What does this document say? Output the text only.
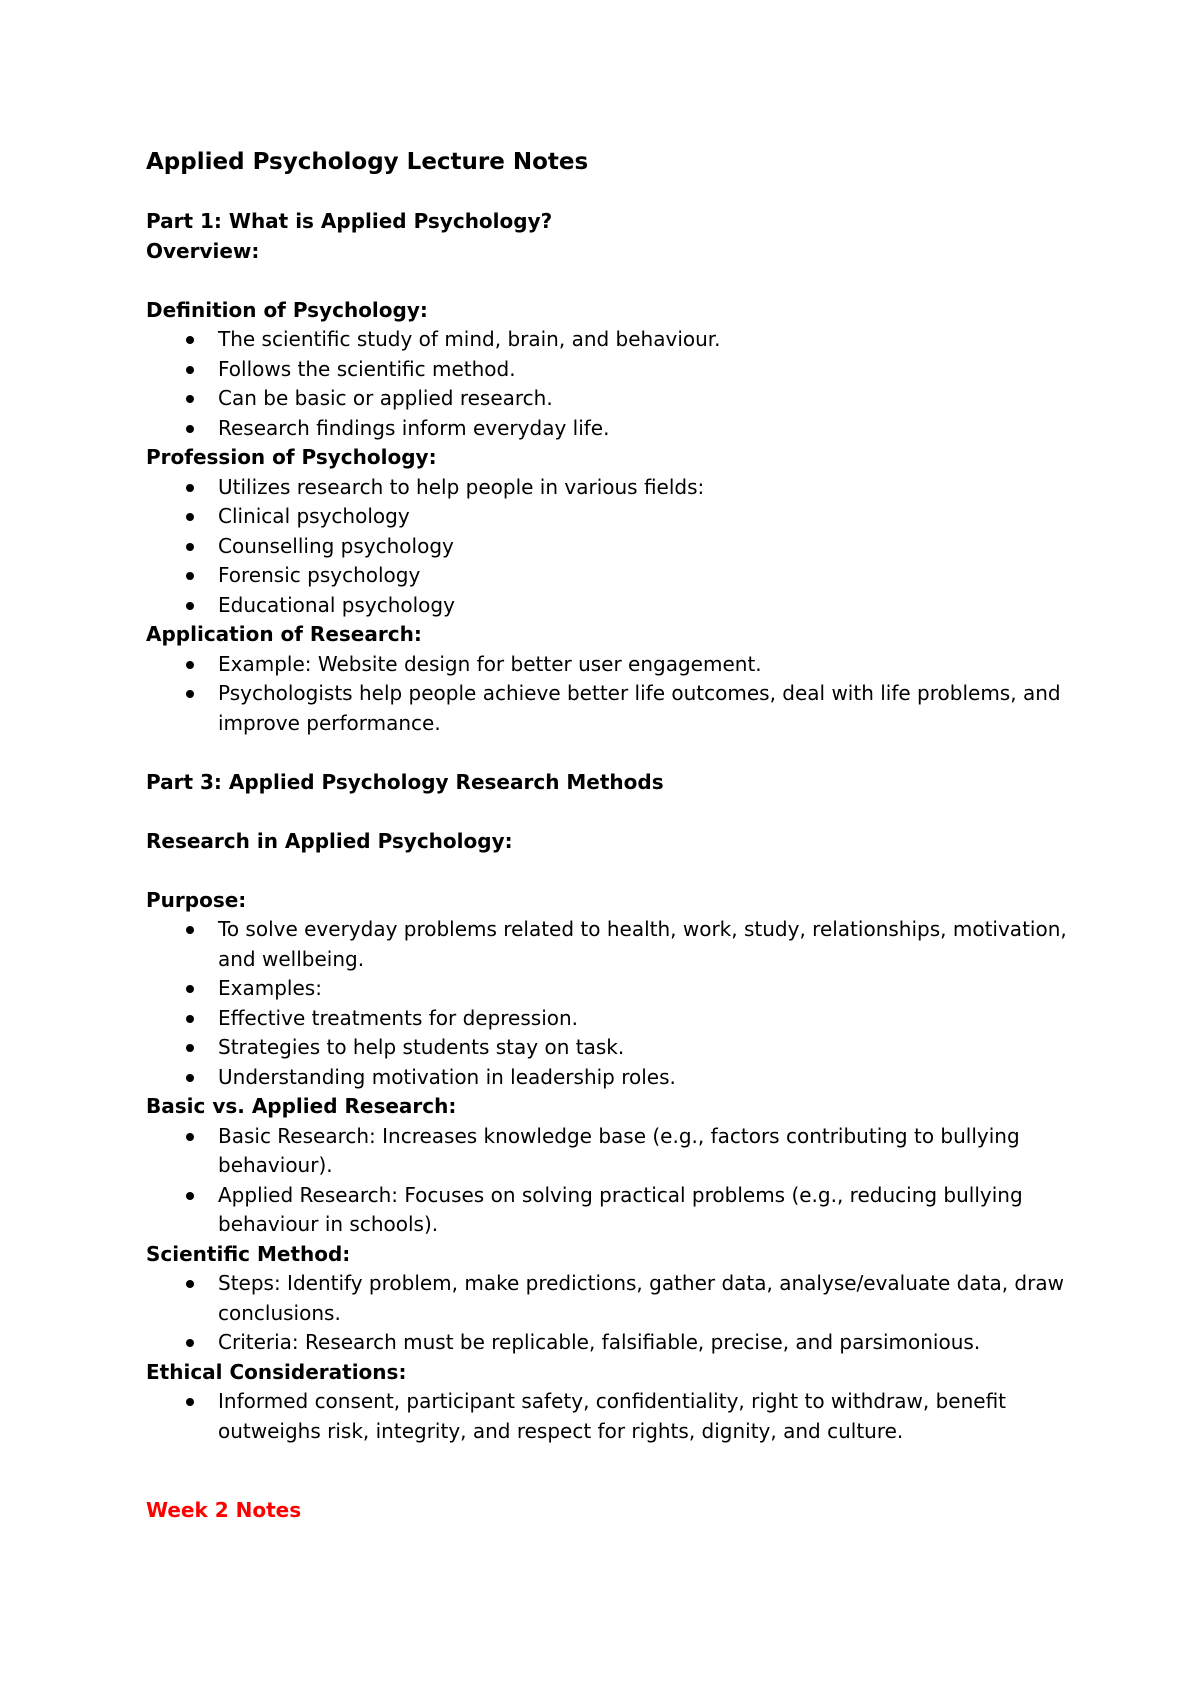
Applied Psychology Lecture Notes
Part 1: What is Applied Psychology?
Overview:
Definition of Psychology:
The scientific study of mind, brain, and behaviour.
Follows the scientific method.
Can be basic or applied research.
Research findings inform everyday life.
Profession of Psychology:
Utilizes research to help people in various fields:
Clinical psychology
Counselling psychology
Forensic psychology
Educational psychology
Application of Research:
Example: Website design for better user engagement.
Psychologists help people achieve better life outcomes, deal with life problems, and improve performance.
Part 3: Applied Psychology Research Methods
Research in Applied Psychology:
Purpose:
To solve everyday problems related to health, work, study, relationships, motivation, and wellbeing.
Examples:
Effective treatments for depression.
Strategies to help students stay on task.
Understanding motivation in leadership roles.
Basic vs. Applied Research:
Basic Research: Increases knowledge base (e.g., factors contributing to bullying behaviour).
Applied Research: Focuses on solving practical problems (e.g., reducing bullying behaviour in schools).
Scientific Method:
Steps: Identify problem, make predictions, gather data, analyse/evaluate data, draw conclusions.
Criteria: Research must be replicable, falsifiable, precise, and parsimonious.
Ethical Considerations:
Informed consent, participant safety, confidentiality, right to withdraw, benefit outweighs risk, integrity, and respect for rights, dignity, and culture.
Week 2 Notes
